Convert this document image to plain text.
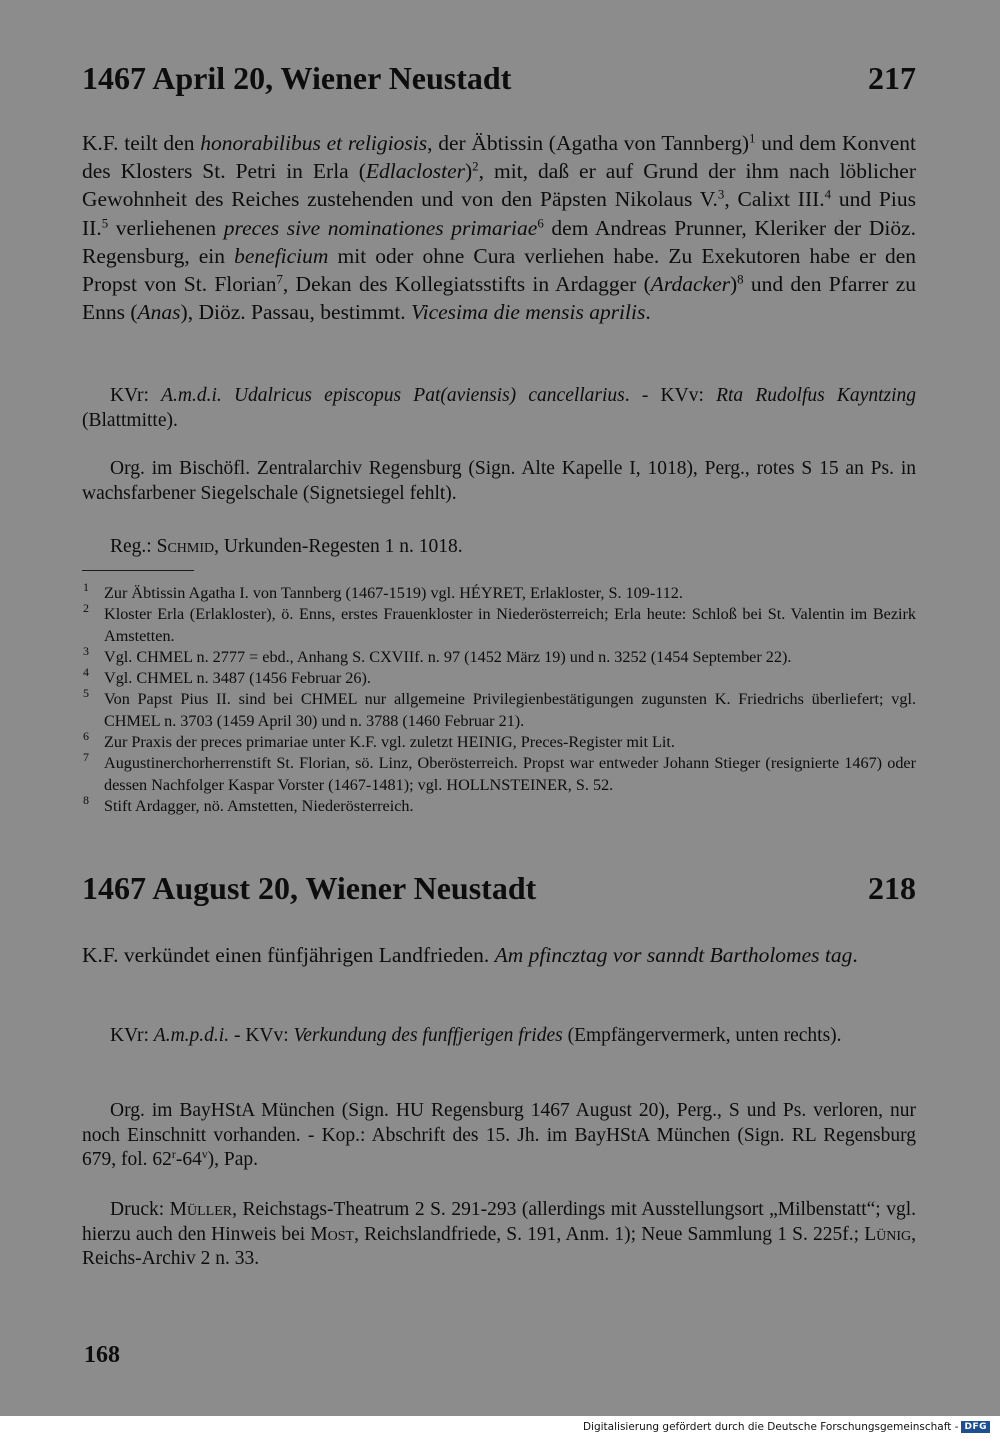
1467 April 20, Wiener Neustadt	217

K.F. teilt den honorabilibus et religiosis, der Äbtissin (Agatha von Tannberg)$^1$ und dem Konvent des Klosters St. Petri in Erla (Edlacloster)$^2$, mit, daß er auf Grund der ihm nach löblicher Gewohnheit des Reiches zustehenden und von den Päpsten Nikolaus V.$^3$, Calixt III.$^4$ und Pius II.$^5$ verliehenen preces sive nominationes primariae$^6$ dem Andreas Prunner, Kleriker der Diöz. Regensburg, ein beneficium mit oder ohne Cura verliehen habe. Zu Exekutoren habe er den Propst von St. Florian$^7$, Dekan des Kollegiatsstifts in Ardagger (Ardacker)$^8$ und den Pfarrer zu Enns (Anas), Diöz. Passau, bestimmt. Vicesima die mensis aprilis.

KVr: A.m.d.i. Udalricus episcopus Pat(aviensis) cancellarius. - KVv: Rta Rudolfus Kayntzing (Blattmitte).

Org. im Bischöfl. Zentralarchiv Regensburg (Sign. Alte Kapelle I, 1018), Perg., rotes S 15 an Ps. in wachsfarbener Siegelschale (Signetsiegel fehlt).

Reg.: Schmid, Urkunden-Regesten 1 n. 1018.

1 Zur Äbtissin Agatha I. von Tannberg (1467-1519) vgl. HÉYRET, Erlakloster, S. 109-112.
2 Kloster Erla (Erlakloster), ö. Enns, erstes Frauenkloster in Niederösterreich; Erla heute: Schloß bei St. Valentin im Bezirk Amstetten.
3 Vgl. CHMEL n. 2777 = ebd., Anhang S. CXVIIf. n. 97 (1452 März 19) und n. 3252 (1454 September 22).
4 Vgl. CHMEL n. 3487 (1456 Februar 26).
5 Von Papst Pius II. sind bei CHMEL nur allgemeine Privilegienbestätigungen zugunsten K. Friedrichs überliefert; vgl. CHMEL n. 3703 (1459 April 30) und n. 3788 (1460 Februar 21).
6 Zur Praxis der preces primariae unter K.F. vgl. zuletzt HEINIG, Preces-Register mit Lit.
7 Augustinerchorherrenstift St. Florian, sö. Linz, Oberösterreich. Propst war entweder Johann Stieger (resignierte 1467) oder dessen Nachfolger Kaspar Vorster (1467-1481); vgl. HOLLNSTEINER, S. 52.
8 Stift Ardagger, nö. Amstetten, Niederösterreich.
1467 August 20, Wiener Neustadt	218

K.F. verkündet einen fünfjährigen Landfrieden. Am pfincztag vor sanndt Bartholomes tag.

KVr: A.m.p.d.i. - KVv: Verkundung des funffjerigen frides (Empfängervermerk, unten rechts).

Org. im BayHStA München (Sign. HU Regensburg 1467 August 20), Perg., S und Ps. verloren, nur noch Einschnitt vorhanden. - Kop.: Abschrift des 15. Jh. im BayHStA München (Sign. RL Regensburg 679, fol. 62$^r$-64$^v$), Pap.

Druck: Müller, Reichstags-Theatrum 2 S. 291-293 (allerdings mit Ausstellungsort „Milbenstatt“; vgl. hierzu auch den Hinweis bei Most, Reichslandfriede, S. 191, Anm. 1); Neue Sammlung 1 S. 225f.; Lünig, Reichs-Archiv 2 n. 33.

168
Digitalisierung gefördert durch die Deutsche Forschungsgemeinschaft - DFG
